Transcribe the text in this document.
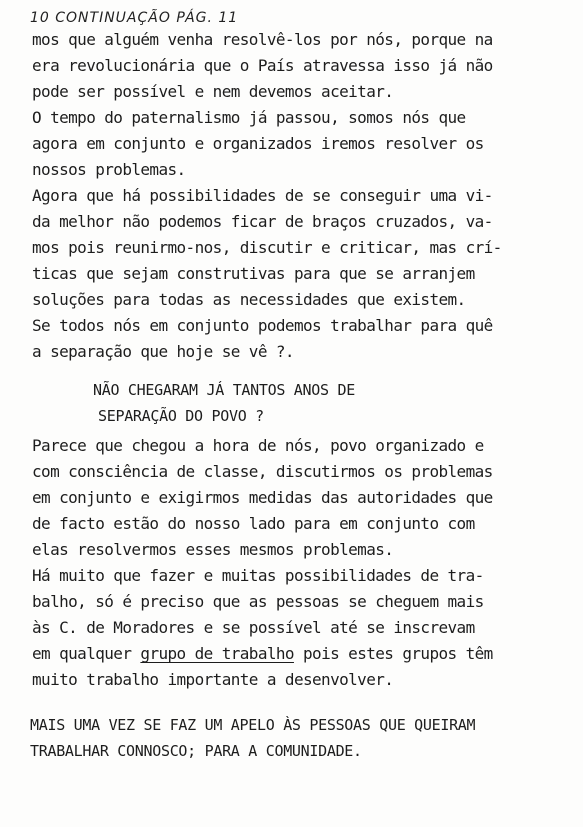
10 CONTINUAÇÃO PÁG. 11
mos que alguém venha resolvê-los por nós, porque na
era revolucionária que o País atravessa isso já não
pode ser possível e nem devemos aceitar.
O tempo do paternalismo já passou, somos nós que
agora em conjunto e organizados iremos resolver os
nossos problemas.
Agora que há possibilidades de se conseguir uma vi-
da melhor não podemos ficar de braços cruzados, va-
mos pois reunirmo-nos, discutir e criticar, mas crí-
ticas que sejam construtivas para que se arranjem
soluções para todas as necessidades que existem.
Se todos nós em conjunto podemos trabalhar para quê
a separação que hoje se vê ?.
NÃO CHEGARAM JÁ TANTOS ANOS DE
SEPARAÇÃO DO POVO ?
Parece que chegou a hora de nós, povo organizado e
com consciência de classe, discutirmos os problemas
em conjunto e exigirmos medidas das autoridades que
de facto estão do nosso lado para em conjunto com
elas resolvermos esses mesmos problemas.
Há muito que fazer e muitas possibilidades de tra-
balho, só é preciso que as pessoas se cheguem mais
às C. de Moradores e se possível até se inscrevam
em qualquer grupo de trabalho pois estes grupos têm
muito trabalho importante a desenvolver.
MAIS UMA VEZ SE FAZ UM APELO ÀS PESSOAS QUE QUEIRAM
TRABALHAR CONNOSCO; PARA A COMUNIDADE.
